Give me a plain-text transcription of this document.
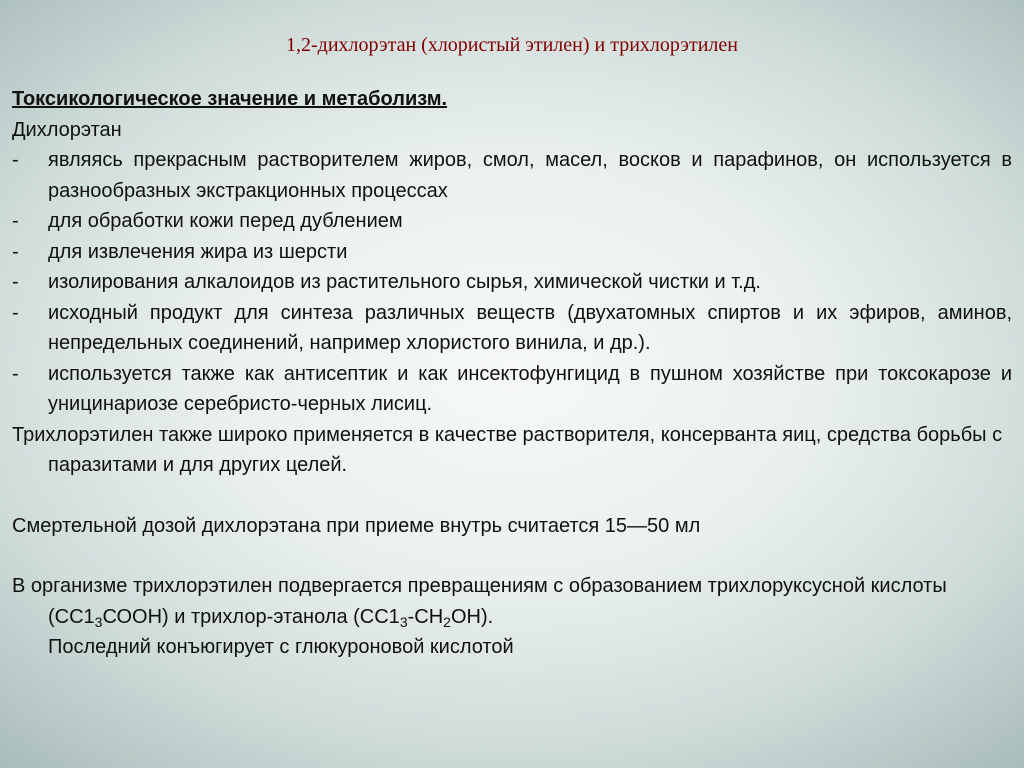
1,2-дихлорэтан (хлористый этилен) и трихлорэтилен

Токсикологическое значение и метаболизм.

Дихлорэтан

- являясь прекрасным растворителем жиров, смол, масел, восков и парафинов, он используется в разнообразных экстракционных процессах
- для обработки кожи перед дублением
- для извлечения жира из шерсти
- изолирования алкалоидов из растительного сырья, химической чистки и т.д.
- исходный продукт для синтеза различных веществ (двухатомных спиртов и их эфиров, аминов, непредельных соединений, например хлористого винила, и др.).
- используется также как антисептик и как инсектофунгицид в пушном хозяйстве при токсокарозе и уницинариозе серебристо-черных лисиц.

Трихлорэтилен также широко применяется в качестве растворителя, консерванта яиц, средства борьбы с паразитами и для других целей.

Смертельной дозой дихлорэтана при приеме внутрь считается 15—50 мл

В организме трихлорэтилен подвергается превращениям с образованием трихлоруксусной кислоты $(СС1_3СООН)$ и трихлор-этанола $(СС1_3-СН_2ОН)$.
Последний конъюгирует с глюкуроновой кислотой
